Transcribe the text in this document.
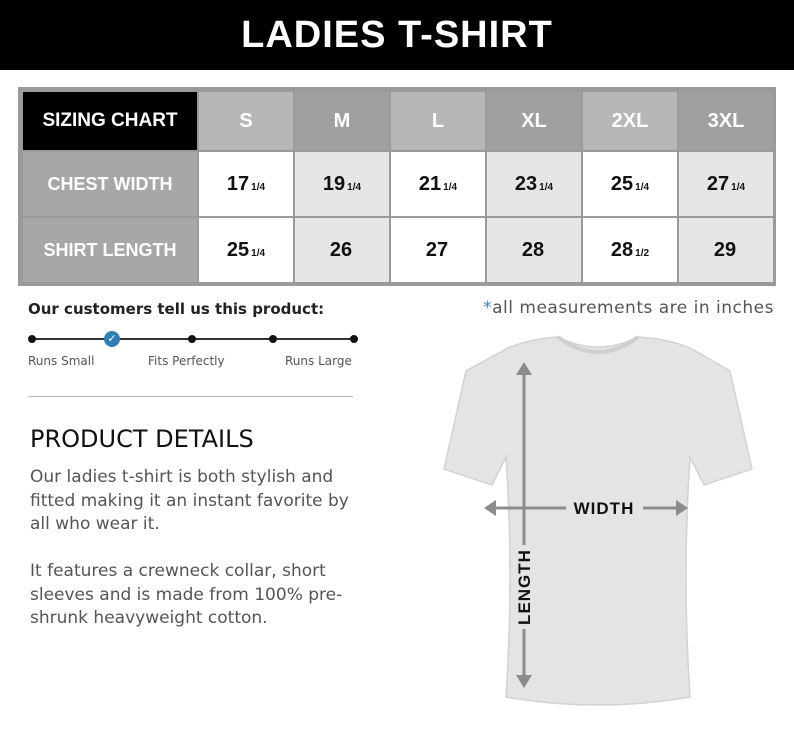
LADIES T-SHIRT
SIZING CHART	S	M	L	XL	2XL	3XL
CHEST WIDTH	17 1/4	19 1/4	21 1/4	23 1/4	25 1/4	27 1/4
SHIRT LENGTH	25 1/4	26	27	28	28 1/2	29
Our customers tell us this product:	*all measurements are in inches
✓
Runs Small	Fits Perfectly	Runs Large
PRODUCT DETAILS

Our ladies t-shirt is both stylish and fitted making it an instant favorite by all who wear it.

It features a crewneck collar, short sleeves and is made from 100% pre-shrunk heavyweight cotton.

WIDTH
LENGTH
